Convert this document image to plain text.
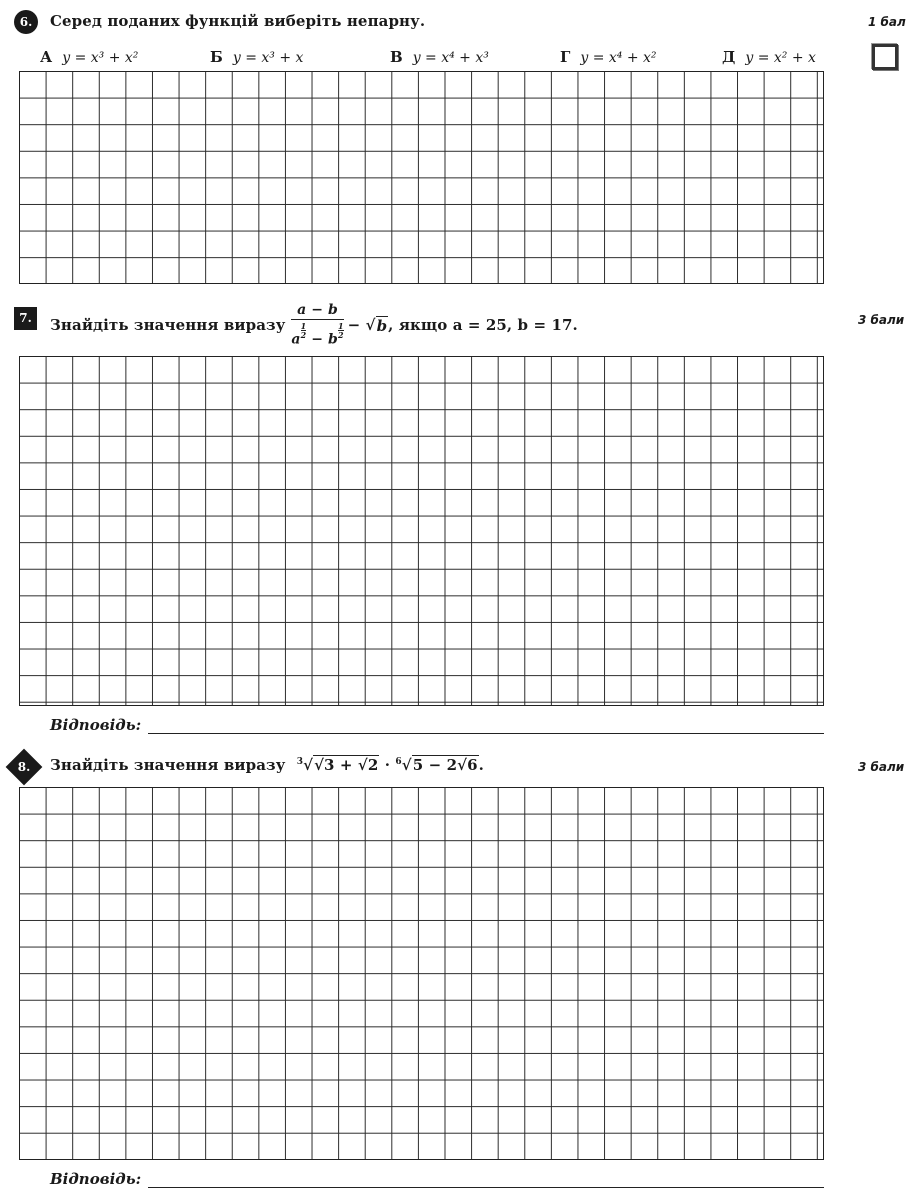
6.	Серед поданих функцій виберіть непарну.	1 бал
А y = x³ + x²	Б y = x³ + x	В y = x⁴ + x³	Г y = x⁴ + x²	Д y = x² + x
7.	Знайдіть значення виразу a − b
a
$\frac{1}{2}$
− b
$\frac{1}{2}$ − √ b , якщо a = 25, b = 17.	3 бали
Відповідь:
8.	Знайдіть значення виразу $^3$√√3 + √2 · $^6$√5 − 2√6.	3 бали
Відповідь:
